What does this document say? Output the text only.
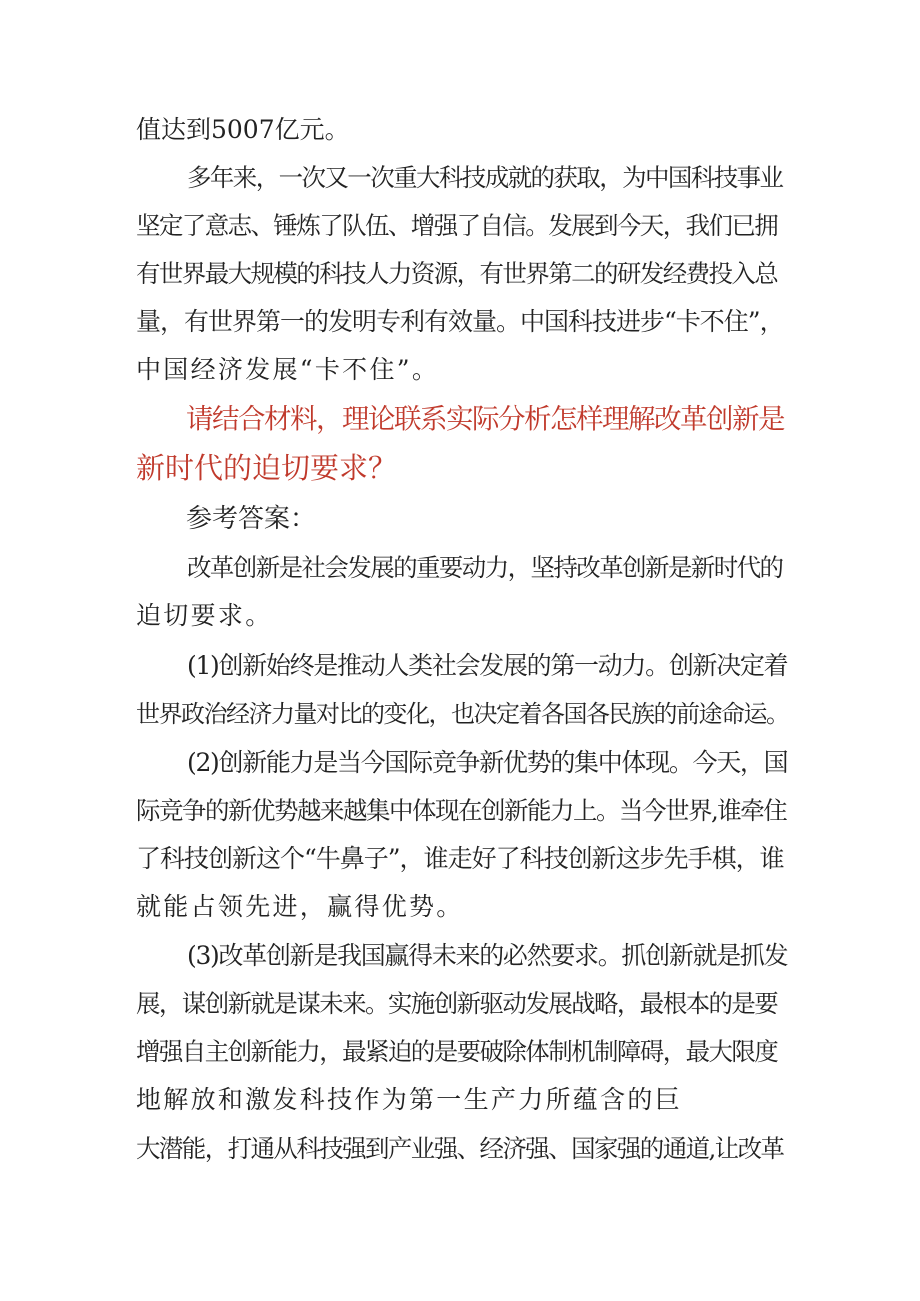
值达到5007亿元。
多年来，一次又一次重大科技成就的获取，为中国科技事业
坚定了意志、锤炼了队伍、增强了自信。发展到今天，我们已拥
有世界最大规模的科技人力资源，有世界第二的研发经费投入总
量，有世界第一的发明专利有效量。中国科技进步“卡不住”，
中国经济发展“卡不住”。
请结合材料，理论联系实际分析怎样理解改革创新是
新时代的迫切要求？
参考答案：
改革创新是社会发展的重要动力，坚持改革创新是新时代的
迫切要求。
(1)创新始终是推动人类社会发展的第一动力。创新决定着
世界政治经济力量对比的变化，也决定着各国各民族的前途命运。
(2)创新能力是当今国际竞争新优势的集中体现。今天，国
际竞争的新优势越来越集中体现在创新能力上。当今世界,谁牵住
了科技创新这个“牛鼻子”，谁走好了科技创新这步先手棋，谁
就能占领先进，赢得优势。
(3)改革创新是我国赢得未来的必然要求。抓创新就是抓发
展，谋创新就是谋未来。实施创新驱动发展战略，最根本的是要
增强自主创新能力，最紧迫的是要破除体制机制障碍，最大限度
地解放和激发科技作为第一生产力所蕴含的巨
大潜能，打通从科技强到产业强、经济强、国家强的通道,让改革
